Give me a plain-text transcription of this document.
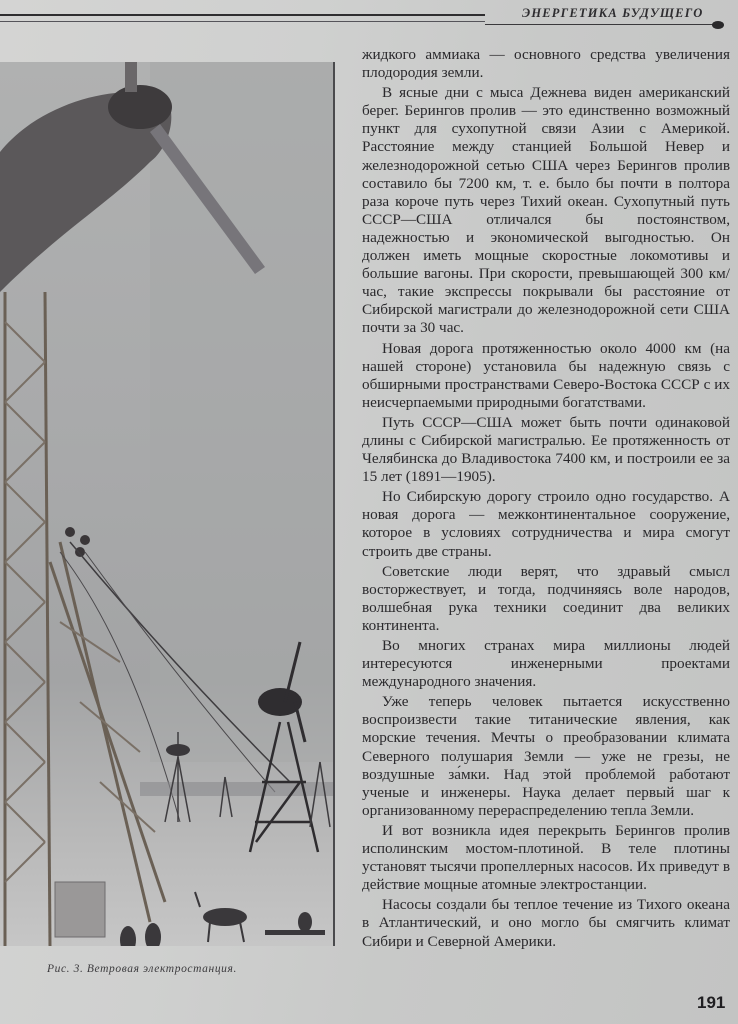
ЭНЕРГЕТИКА БУДУЩЕГО
Рис. 3. Ветровая электростанция.

жидкого аммиака — основного средства увеличения плодородия земли.

В ясные дни с мыса Дежнева виден американский берег. Берингов пролив — это единственно возможный пункт для сухопутной связи Азии с Америкой. Расстояние между станцией Большой Невер и железнодорожной сетью США через Берингов пролив составило бы 7200 км, т. е. было бы почти в полтора раза короче путь через Тихий океан. Сухопутный путь СССР—США отличался бы постоянством, надежностью и экономической выгодностью. Он должен иметь мощные скоростные локомотивы и большие вагоны. При скорости, превышающей 300 км/час, такие экспрессы покрывали бы расстояние от Сибирской магистрали до железнодорожной сети США почти за 30 час.

Новая дорога протяженностью около 4000 км (на нашей стороне) установила бы надежную связь с обширными пространствами Северо-Востока СССР с их неисчерпаемыми природными богатствами.

Путь СССР—США может быть почти одинаковой длины с Сибирской магистралью. Ее протяженность от Челябинска до Владивостока 7400 км, и построили ее за 15 лет (1891—1905).

Но Сибирскую дорогу строило одно государство. А новая дорога — межконтинентальное сооружение, которое в условиях сотрудничества и мира смогут строить две страны.

Советские люди верят, что здравый смысл восторжествует, и тогда, подчиняясь воле народов, волшебная рука техники соединит два великих континента.

Во многих странах мира миллионы людей интересуются инженерными проектами международного значения.

Уже теперь человек пытается искусственно воспроизвести такие титанические явления, как морские течения. Мечты о преобразовании климата Северного полушария Земли — уже не грезы, не воздушные за́мки. Над этой проблемой работают ученые и инженеры. Наука делает первый шаг к организованному перераспределению тепла Земли.

И вот возникла идея перекрыть Берингов пролив исполинским мостом-плотиной. В теле плотины установят тысячи пропеллерных насосов. Их приведут в действие мощные атомные электростанции.

Насосы создали бы теплое течение из Тихого океана в Атлантический, и оно могло бы смягчить климат Сибири и Северной Америки.

191
